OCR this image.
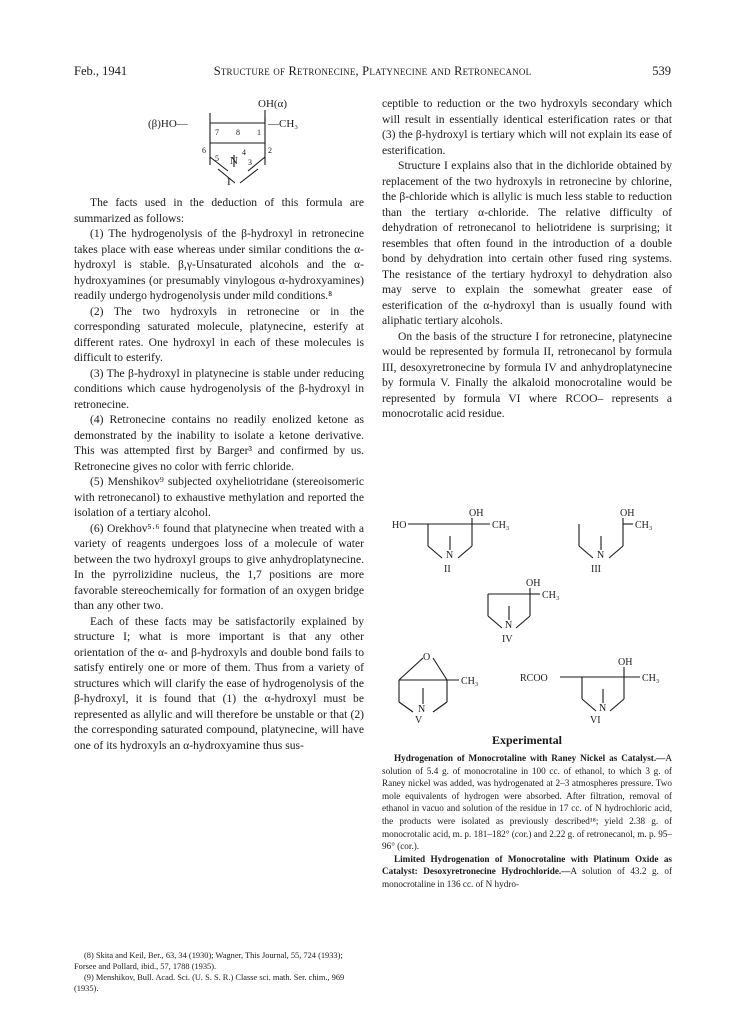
Feb., 1941	Structure of Retronecine, Platynecine and Retronecanol	539
OH(α)
(β)HO—	—CH₃
N
7 8 1
6
5
4
3
2
I

The facts used in the deduction of this formula are summarized as follows:

(1) The hydrogenolysis of the β-hydroxyl in retronecine takes place with ease whereas under similar conditions the α-hydroxyl is stable. β,γ-Unsaturated alcohols and the α-hydroxyamines (or presumably vinylogous α-hydroxyamines) readily undergo hydrogenolysis under mild conditions.⁸

(2) The two hydroxyls in retronecine or in the corresponding saturated molecule, platynecine, esterify at different rates. One hydroxyl in each of these molecules is difficult to esterify.

(3) The β-hydroxyl in platynecine is stable under reducing conditions which cause hydrogenolysis of the β-hydroxyl in retronecine.

(4) Retronecine contains no readily enolized ketone as demonstrated by the inability to isolate a ketone derivative. This was attempted first by Barger³ and confirmed by us. Retronecine gives no color with ferric chloride.

(5) Menshikov⁹ subjected oxyheliotridane (stereoisomeric with retronecanol) to exhaustive methylation and reported the isolation of a tertiary alcohol.

(6) Orekhov⁵·⁶ found that platynecine when treated with a variety of reagents undergoes loss of a molecule of water between the two hydroxyl groups to give anhydroplatynecine. In the pyrrolizidine nucleus, the 1,7 positions are more favorable stereochemically for formation of an oxygen bridge than any other two.

Each of these facts may be satisfactorily explained by structure I; what is more important is that any other orientation of the α- and β-hydroxyls and double bond fails to satisfy entirely one or more of them. Thus from a variety of structures which will clarify the ease of hydrogenolysis of the β-hydroxyl, it is found that (1) the α-hydroxyl must be represented as allylic and will therefore be unstable or that (2) the corresponding saturated compound, platynecine, will have one of its hydroxyls an α-hydroxyamine thus sus-

(8) Skita and Keil, Ber., 63, 34 (1930); Wagner, This Journal, 55, 724 (1933); Forsee and Pollard, ibid., 57, 1788 (1935).
(9) Menshikov, Bull. Acad. Sci. (U. S. S. R.) Classe sci. math. Ser. chim., 969 (1935).

ceptible to reduction or the two hydroxyls secondary which will result in essentially identical esterification rates or that (3) the β-hydroxyl is tertiary which will not explain its ease of esterification.

Structure I explains also that in the dichloride obtained by replacement of the two hydroxyls in retronecine by chlorine, the β-chloride which is allylic is much less stable to reduction than the tertiary α-chloride. The relative difficulty of dehydration of retronecanol to heliotridene is surprising; it resembles that often found in the introduction of a double bond by dehydration into certain other fused ring systems. The resistance of the tertiary hydroxyl to dehydration also may serve to explain the somewhat greater ease of esterification of the α-hydroxyl than is usually found with aliphatic tertiary alcohols.

On the basis of the structure I for retronecine, platynecine would be represented by formula II, retronecanol by formula III, desoxyretronecine by formula IV and anhydroplatynecine by formula V. Finally the alkaloid monocrotaline would be represented by formula VI where RCOO– represents a monocrotalic acid residue.

OH
HO	CH₃
N
II
OH
CH₃
N
III
OH
CH₃
N
IV
O
CH₃
N
V
OH
RCOO	CH₃
N
VI
Experimental

Hydrogenation of Monocrotaline with Raney Nickel as Catalyst.—A solution of 5.4 g. of monocrotaline in 100 cc. of ethanol, to which 3 g. of Raney nickel was added, was hydrogenated at 2–3 atmospheres pressure. Two mole equivalents of hydrogen were absorbed. After filtration, removal of ethanol in vacuo and solution of the residue in 17 cc. of N hydrochloric acid, the products were isolated as previously described¹⁸; yield 2.38 g. of monocrotalic acid, m. p. 181–182° (cor.) and 2.22 g. of retronecanol, m. p. 95–96° (cor.).

Limited Hydrogenation of Monocrotaline with Platinum Oxide as Catalyst: Desoxyretronecine Hydrochloride.—A solution of 43.2 g. of monocrotaline in 136 cc. of N hydro-
